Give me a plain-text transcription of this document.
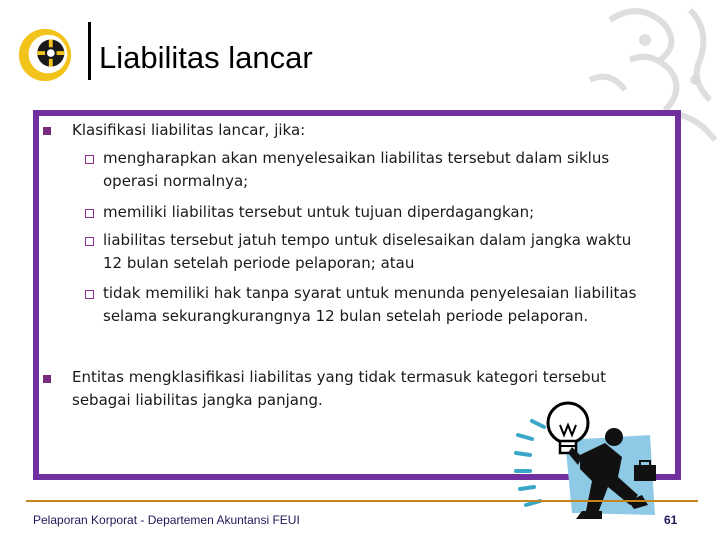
Liabilitas lancar

Klasifikasi liabilitas lancar, jika:

mengharapkan akan menyelesaikan liabilitas tersebut dalam siklus

operasi normalnya;

memiliki liabilitas tersebut untuk tujuan diperdagangkan;

liabilitas tersebut jatuh tempo untuk diselesaikan dalam jangka waktu

12 bulan setelah periode pelaporan; atau

tidak memiliki hak tanpa syarat untuk menunda penyelesaian liabilitas

selama sekurangkurangnya 12 bulan setelah periode pelaporan.

Entitas mengklasifikasi liabilitas yang tidak termasuk kategori tersebut

sebagai liabilitas jangka panjang.

Pelaporan Korporat - Departemen Akuntansi FEUI	61
